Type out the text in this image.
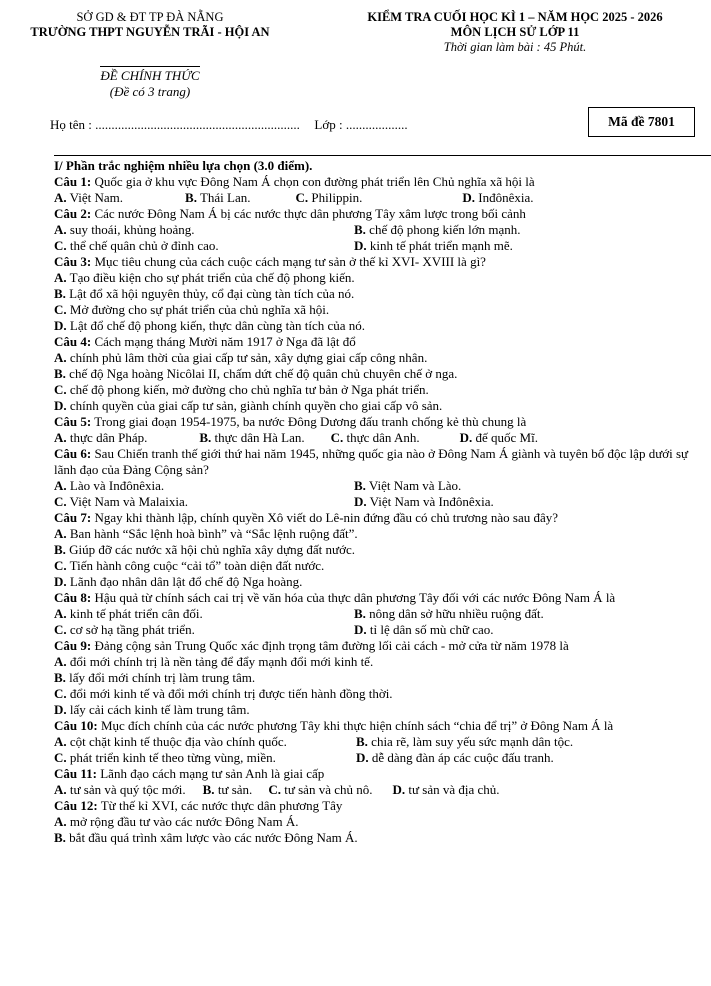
SỞ GD & ĐT TP ĐÀ NẴNG
TRƯỜNG THPT NGUYỄN TRÃI - HỘI AN
KIỂM TRA CUỐI HỌC KÌ 1 – NĂM HỌC 2025 - 2026
MÔN LỊCH SỬ LỚP 11
Thời gian làm bài : 45 Phút.
ĐỀ CHÍNH THỨC
(Đề có 3 trang)
Họ tên : ............................................................... Lớp : ...................	Mã đề 7801
I/ Phần trắc nghiệm nhiều lựa chọn (3.0 điểm).

Câu 1: Quốc gia ở khu vực Đông Nam Á chọn con đường phát triển lên Chủ nghĩa xã hội là

A. Việt Nam.	B. Thái Lan.	C. Philippin.	D. Inđônêxia.

Câu 2: Các nước Đông Nam Á bị các nước thực dân phương Tây xâm lược trong bối cảnh

A. suy thoái, khủng hoảng.	B. chế độ phong kiến lớn mạnh.
C. thể chế quân chủ ở đỉnh cao.	D. kinh tế phát triển mạnh mẽ.

Câu 3: Mục tiêu chung của cách cuộc cách mạng tư sản ở thế kỉ XVI- XVIII là gì?

A. Tạo điều kiện cho sự phát triển của chế độ phong kiến.
B. Lật đổ xã hội nguyên thủy, cổ đại cùng tàn tích của nó.
C. Mở đường cho sự phát triển của chủ nghĩa xã hội.
D. Lật đổ chế độ phong kiến, thực dân cùng tàn tích của nó.

Câu 4: Cách mạng tháng Mười năm 1917 ở Nga đã lật đổ

A. chính phủ lâm thời của giai cấp tư sản, xây dựng giai cấp công nhân.
B. chế độ Nga hoàng Nicôlai II, chấm dứt chế độ quân chủ chuyên chế ở nga.
C. chế độ phong kiến, mở đường cho chủ nghĩa tư bản ở Nga phát triển.
D. chính quyền của giai cấp tư sản, giành chính quyền cho giai cấp vô sản.

Câu 5: Trong giai đoạn 1954-1975, ba nước Đông Dương đấu tranh chống kẻ thù chung là

A. thực dân Pháp.	B. thực dân Hà Lan. C. thực dân Anh.	D. đế quốc Mĩ.

Câu 6: Sau Chiến tranh thế giới thứ hai năm 1945, những quốc gia nào ở Đông Nam Á giành và tuyên bố độc lập dưới sự lãnh đạo của Đảng Cộng sản?

A. Lào và Inđônêxia.	B. Việt Nam và Lào.
C. Việt Nam và Malaixia.	D. Việt Nam và Inđônêxia.

Câu 7: Ngay khi thành lập, chính quyền Xô viết do Lê-nin đứng đầu có chủ trương nào sau đây?

A. Ban hành “Sắc lệnh hoà bình” và “Sắc lệnh ruộng đất”.
B. Giúp đỡ các nước xã hội chủ nghĩa xây dựng đất nước.
C. Tiến hành công cuộc “cải tổ” toàn diện đất nước.
D. Lãnh đạo nhân dân lật đổ chế độ Nga hoàng.

Câu 8: Hậu quả từ chính sách cai trị về văn hóa của thực dân phương Tây đối với các nước Đông Nam Á là

A. kinh tế phát triển cân đối.	B. nông dân sở hữu nhiều ruộng đất.
C. cơ sở hạ tầng phát triển.	D. tỉ lệ dân số mù chữ cao.

Câu 9: Đảng cộng sản Trung Quốc xác định trọng tâm đường lối cải cách - mở cửa từ năm 1978 là

A. đổi mới chính trị là nền tảng để đẩy mạnh đổi mới kinh tế.
B. lấy đổi mới chính trị làm trung tâm.
C. đổi mới kinh tế và đổi mới chính trị được tiến hành đồng thời.
D. lấy cải cách kinh tế làm trung tâm.

Câu 10: Mục đích chính của các nước phương Tây khi thực hiện chính sách “chia để trị” ở Đông Nam Á là

A. cột chặt kinh tế thuộc địa vào chính quốc.	B. chia rẽ, làm suy yếu sức mạnh dân tộc.
C. phát triển kinh tế theo từng vùng, miền.	D. dễ dàng đàn áp các cuộc đấu tranh.

Câu 11: Lãnh đạo cách mạng tư sản Anh là giai cấp

A. tư sản và quý tộc mới. B. tư sản. C. tư sản và chủ nô. D. tư sản và địa chủ.

Câu 12: Từ thế kỉ XVI, các nước thực dân phương Tây

A. mở rộng đầu tư vào các nước Đông Nam Á.
B. bắt đầu quá trình xâm lược vào các nước Đông Nam Á.
